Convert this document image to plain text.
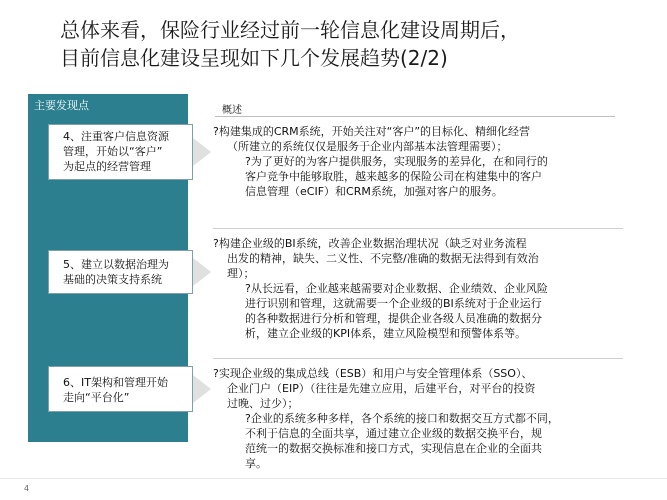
总体来看，保险行业经过前一轮信息化建设周期后，
目前信息化建设呈现如下几个发展趋势(2/2)
主要发现点
4、注重客户信息资源
管理，开始以“客户”
为起点的经营管理
5、建立以数据治理为
基础的决策支持系统
6、IT架构和管理开始
走向“平台化”
概述
?构建集成的CRM系统，开始关注对“客户”的目标化、精细化经营
（所建立的系统仅仅是服务于企业内部基本法管理需要）；
?为了更好的为客户提供服务，实现服务的差异化，在和同行的
客户竞争中能够取胜，越来越多的保险公司在构建集中的客户
信息管理（eCIF）和CRM系统，加强对客户的服务。
?构建企业级的BI系统，改善企业数据治理状况（缺乏对业务流程
出发的精神，缺失、二义性、不完整/准确的数据无法得到有效治
理）；
?从长远看，企业越来越需要对企业数据、企业绩效、企业风险
进行识别和管理，这就需要一个企业级的BI系统对于企业运行
的各种数据进行分析和管理，提供企业各级人员准确的数据分
析，建立企业级的KPI体系，建立风险模型和预警体系等。
?实现企业级的集成总线（ESB）和用户与安全管理体系（SSO）、
企业门户（EIP）（往往是先建立应用，后建平台，对平台的投资
过晚、过少）；
?企业的系统多种多样，各个系统的接口和数据交互方式都不同，
不利于信息的全面共享，通过建立企业级的数据交换平台，规
范统一的数据交换标准和接口方式，实现信息在企业的全面共
享。
4
